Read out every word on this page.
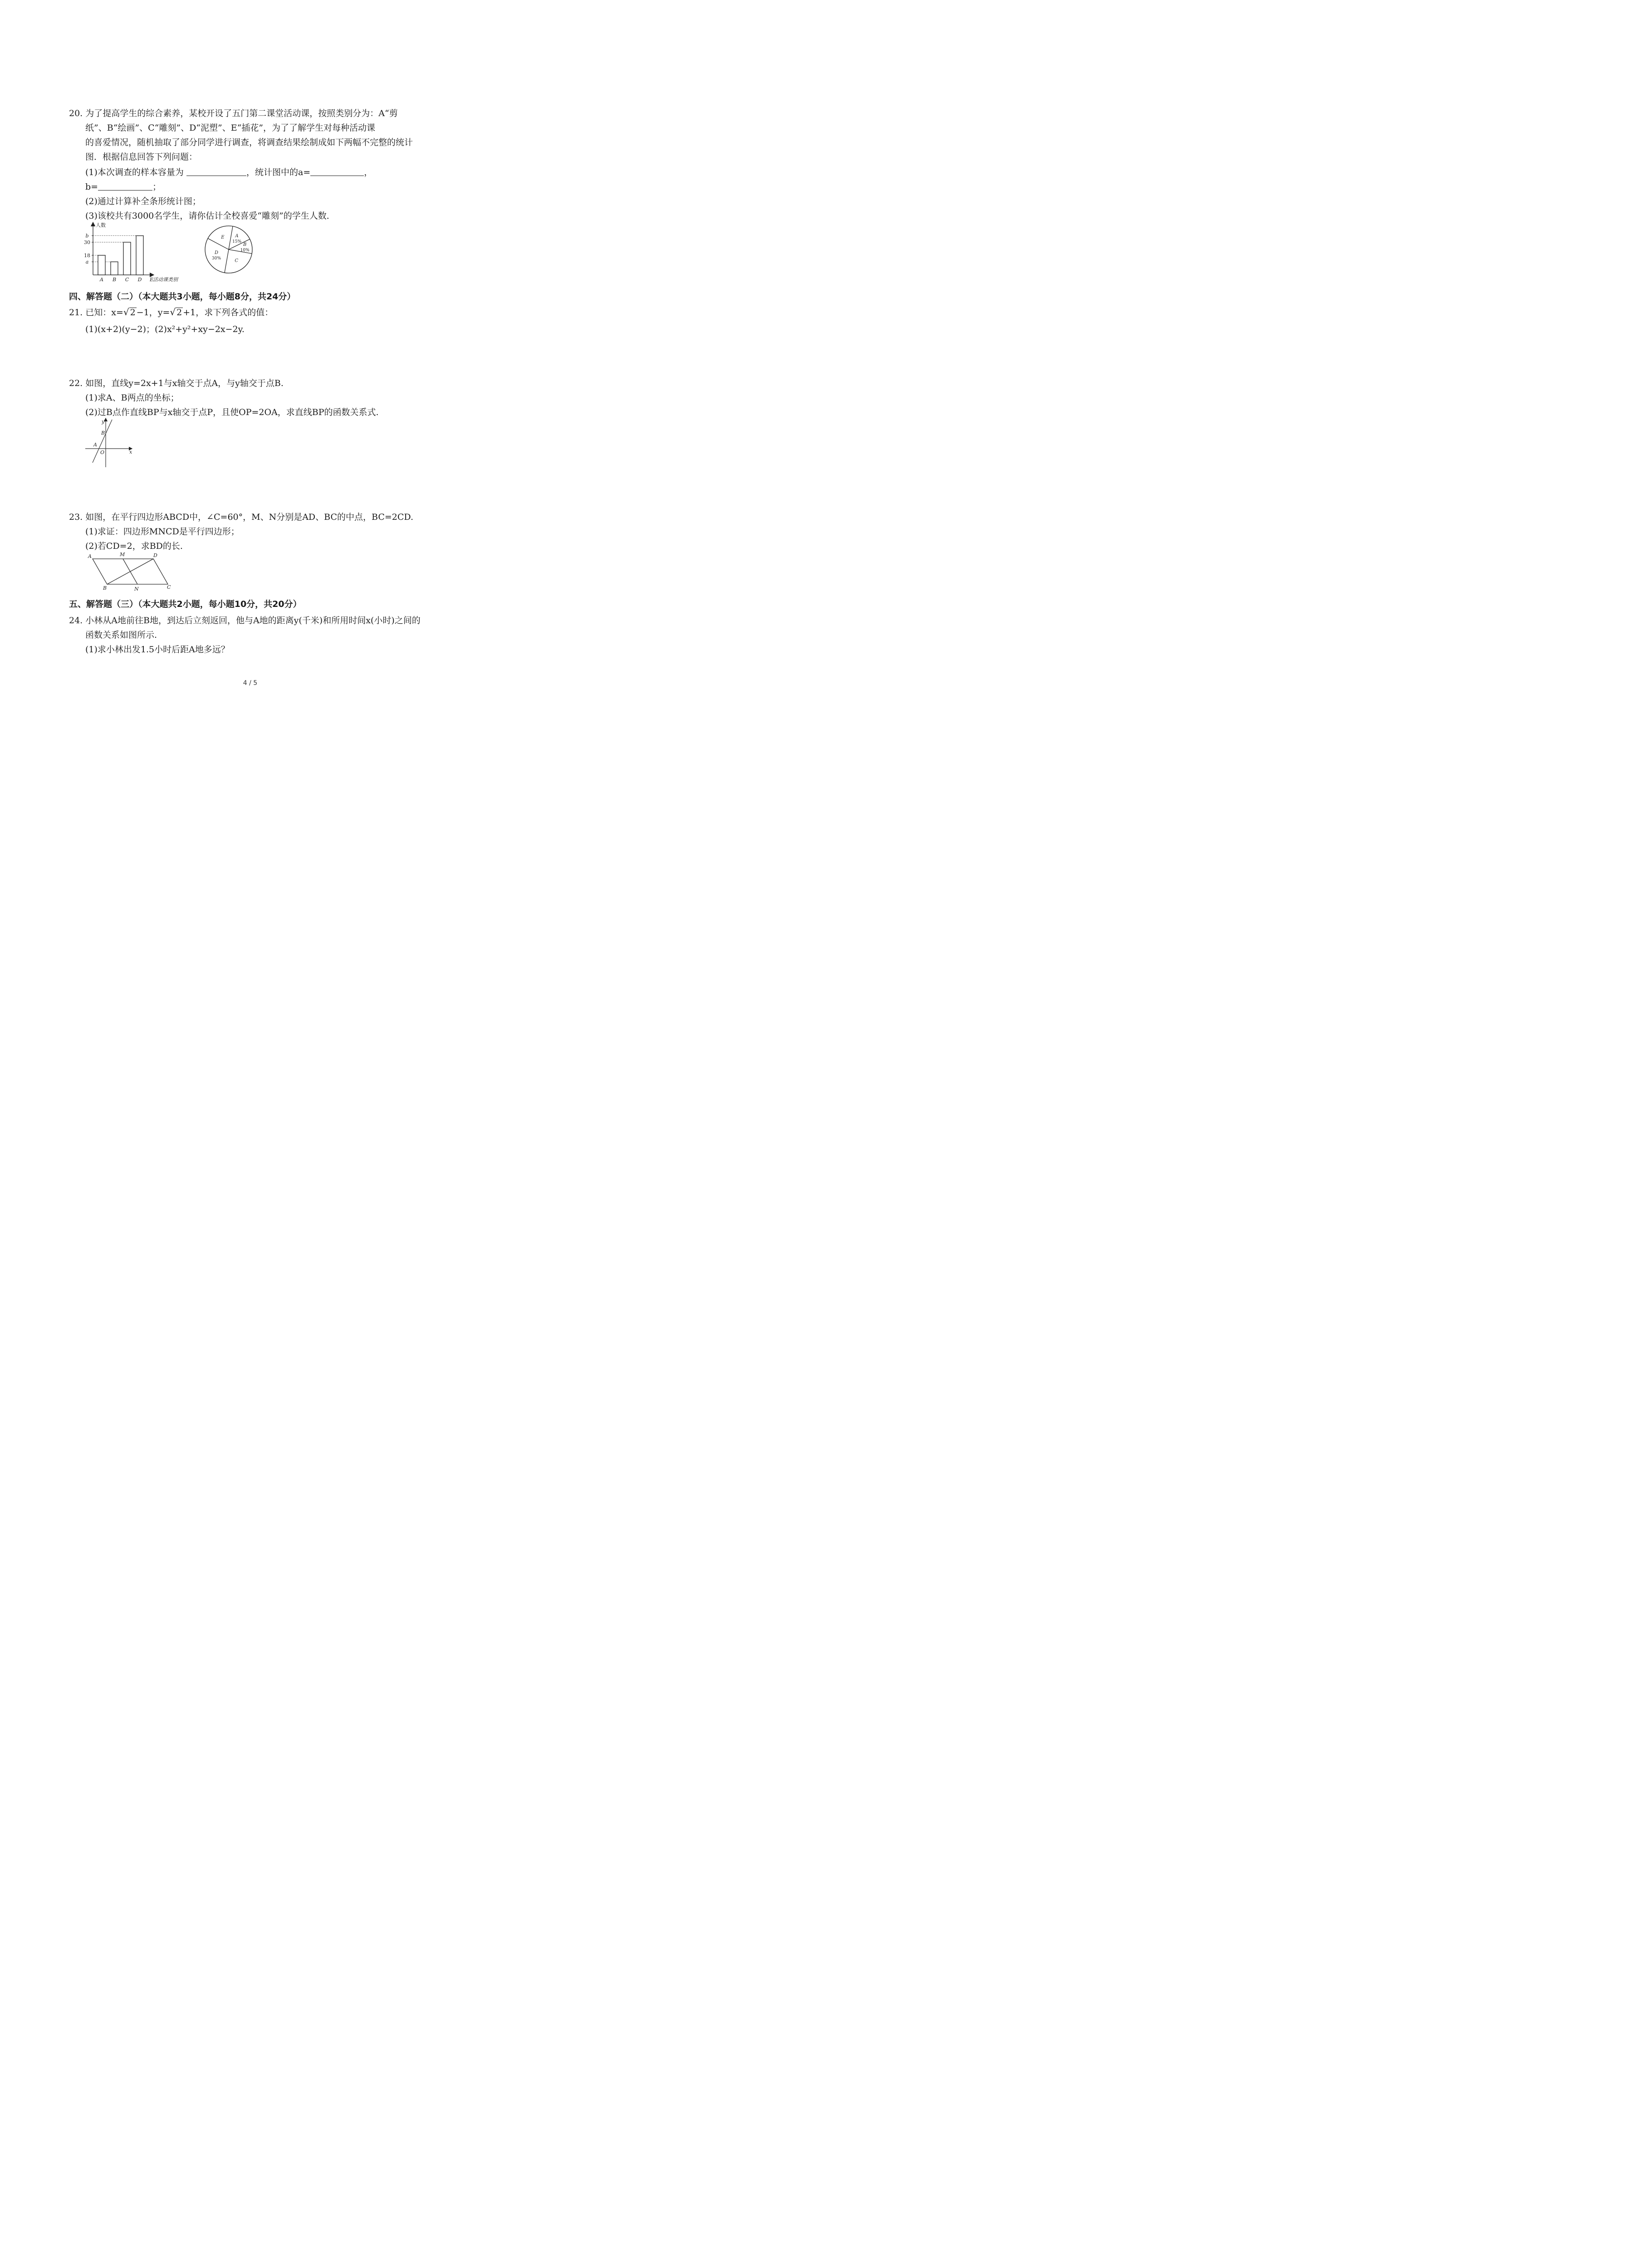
20. 为了提高学生的综合素养，某校开设了五门第二课堂活动课，按照类别分为：A“剪
纸”、B“绘画”、C“雕刻”、D“泥塑”、E“插花”，为了了解学生对每种活动课
的喜爱情况，随机抽取了部分同学进行调查，将调查结果绘制成如下两幅不完整的统计
图．根据信息回答下列问题：
(1)本次调查的样本容量为	，统计图中的a=	，
b=	；
(2)通过计算补全条形统计图；
(3)该校共有3000名学生，请你估计全校喜爱“雕刻”的学生人数．
人数
活动课类别
a
18
30
b
A B C D E
A
15%
B
10%
C
D
30%
E
四、解答题（二）（本大题共3小题，每小题8分，共24分）
21. 已知：x=√ 2 −1，y=√ 2 +1，求下列各式的值：
(1)(x+2)(y−2)；(2)x²+y²+xy−2x−2y.
22. 如图，直线y=2x+1与x轴交于点A，与y轴交于点B.
(1)求A、B两点的坐标；
(2)过B点作直线BP与x轴交于点P，且使OP=2OA，求直线BP的函数关系式.
y
x
B
A
O
23. 如图，在平行四边形ABCD中，∠C=60°，M、N分别是AD、BC的中点，BC=2CD.
(1)求证：四边形MNCD是平行四边形；
(2)若CD=2，求BD的长.
A	M	D
B	N	C
五、解答题（三）（本大题共2小题，每小题10分，共20分）
24. 小林从A地前往B地，到达后立刻返回，他与A地的距离y(千米)和所用时间x(小时)之间的
函数关系如图所示.
(1)求小林出发1.5小时后距A地多远？
4 / 5
